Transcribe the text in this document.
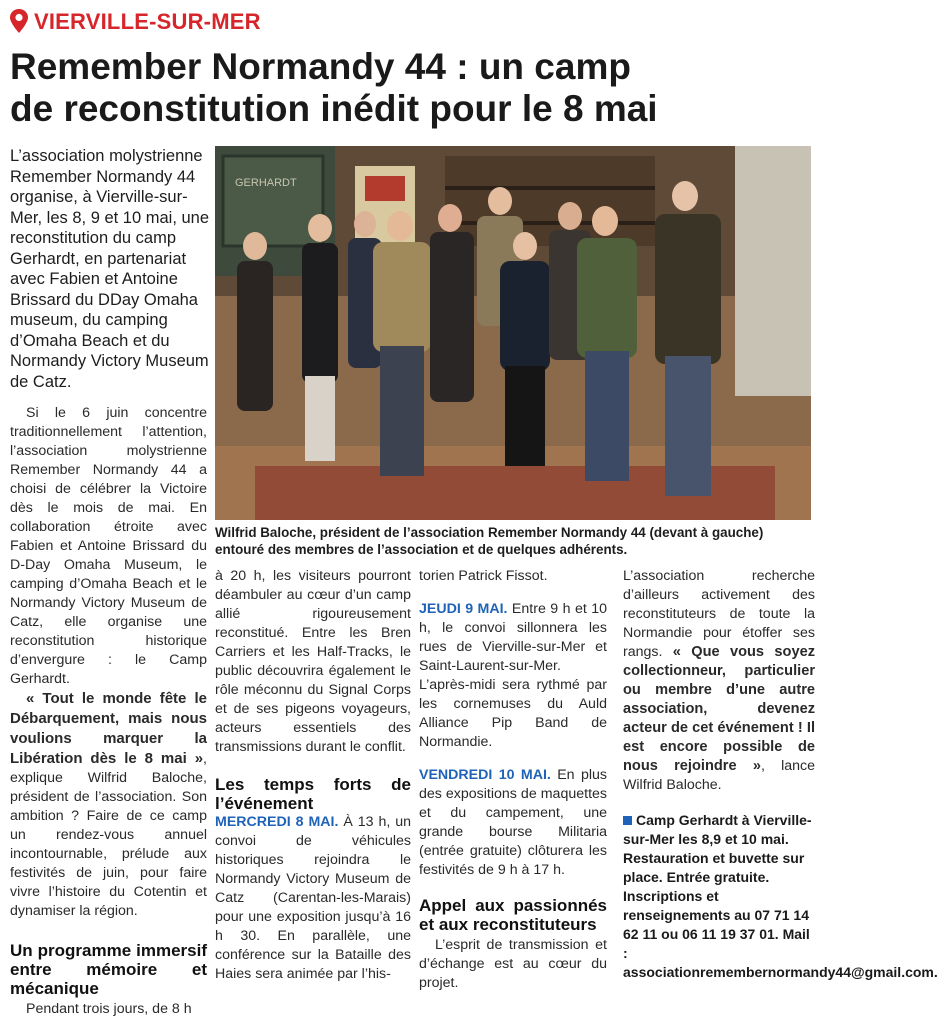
VIERVILLE-SUR-MER
Remember Normandy 44 : un camp
de reconstitution inédit pour le 8 mai
L’association molystrienne Remember Normandy 44 organise, à Vierville-sur-Mer, les 8, 9 et 10 mai, une reconstitution du camp Gerhardt, en partenariat avec Fabien et Antoine Brissard du DDay Omaha museum, du camping d’Omaha Beach et du Normandy Victory Museum de Catz.
GERHARDT
Wilfrid Baloche, président de l’association Remember Normandy 44 (devant à gauche) entouré des membres de l’association et de quelques adhérents.

Si le 6 juin concentre traditionnellement l’attention, l’association molystrienne Remember Normandy 44 a choisi de célébrer la Victoire dès le mois de mai. En collaboration étroite avec Fabien et Antoine Brissard du D-Day Omaha Museum, le camping d’Omaha Beach et le Normandy Victory Museum de Catz, elle organise une reconstitution historique d’envergure : le Camp Gerhardt.

« Tout le monde fête le Débarquement, mais nous voulions marquer la Libération dès le 8 mai », explique Wilfrid Baloche, président de l’association. Son ambition ? Faire de ce camp un rendez-vous annuel incontournable, prélude aux festivités de juin, pour faire vivre l’histoire du Cotentin et dynamiser la région.

Un programme immersif entre mémoire et mécanique

Pendant trois jours, de 8 h

à 20 h, les visiteurs pourront déambuler au cœur d’un camp allié rigoureusement reconstitué. Entre les Bren Carriers et les Half-Tracks, le public découvrira également le rôle méconnu du Signal Corps et de ses pigeons voyageurs, acteurs essentiels des transmissions durant le conflit.

Les temps forts de l’événement

MERCREDI 8 MAI. À 13 h, un convoi de véhicules historiques rejoindra le Normandy Victory Museum de Catz (Carentan-les-Marais) pour une exposition jusqu’à 16 h 30. En parallèle, une conférence sur la Bataille des Haies sera animée par l’his-

torien Patrick Fissot.

JEUDI 9 MAI. Entre 9 h et 10 h, le convoi sillonnera les rues de Vierville-sur-Mer et Saint-Laurent-sur-Mer. L’après-midi sera rythmé par les cornemuses du Auld Alliance Pip Band de Normandie.

VENDREDI 10 MAI. En plus des expositions de maquettes et du campement, une grande bourse Militaria (entrée gratuite) clôturera les festivités de 9 h à 17 h.

Appel aux passionnés et aux reconstituteurs

L’esprit de transmission et d’échange est au cœur du projet.

L’association recherche d’ailleurs activement des reconstituteurs de toute la Normandie pour étoffer ses rangs. « Que vous soyez collectionneur, particulier ou membre d’une autre association, devenez acteur de cet événement ! Il est encore possible de nous rejoindre », lance Wilfrid Baloche.

Camp Gerhardt à Vierville-sur-Mer les 8,9 et 10 mai. Restauration et buvette sur place. Entrée gratuite. Inscriptions et renseignements au 07 71 14 62 11 ou 06 11 19 37 01. Mail : associationremembernormandy44@gmail.com.
